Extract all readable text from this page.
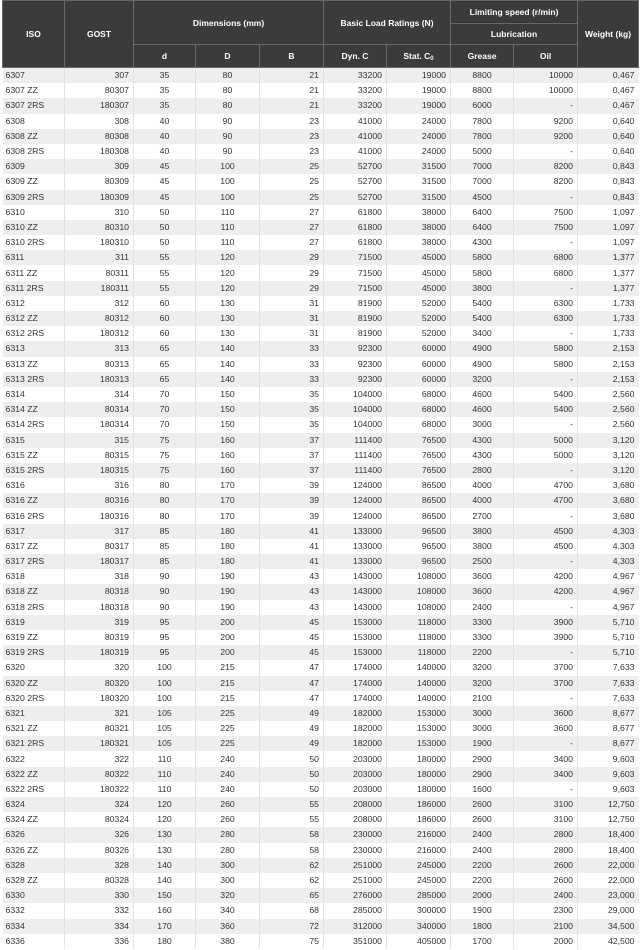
ISO	GOST	Dimensions (mm)			Basic Load Ratings (N)		Limiting speed (r/min)		Weight (kg)
							Lubrication		
		d	D	B	Dyn. C	Stat. $C_0$	Grease	Oil	
6307	307	35	80	21	33200	19000	8800	10000	0,467
6307 ZZ	80307	35	80	21	33200	19000	8800	10000	0,467
6307 2RS	180307	35	80	21	33200	19000	6000	-	0,467
6308	308	40	90	23	41000	24000	7800	9200	0,640
6308 ZZ	80308	40	90	23	41000	24000	7800	9200	0,640
6308 2RS	180308	40	90	23	41000	24000	5000	-	0,640
6309	309	45	100	25	52700	31500	7000	8200	0,843
6309 ZZ	80309	45	100	25	52700	31500	7000	8200	0,843
6309 2RS	180309	45	100	25	52700	31500	4500	-	0,843
6310	310	50	110	27	61800	38000	6400	7500	1,097
6310 ZZ	80310	50	110	27	61800	38000	6400	7500	1,097
6310 2RS	180310	50	110	27	61800	38000	4300	-	1,097
6311	311	55	120	29	71500	45000	5800	6800	1,377
6311 ZZ	80311	55	120	29	71500	45000	5800	6800	1,377
6311 2RS	180311	55	120	29	71500	45000	3800	-	1,377
6312	312	60	130	31	81900	52000	5400	6300	1,733
6312 ZZ	80312	60	130	31	81900	52000	5400	6300	1,733
6312 2RS	180312	60	130	31	81900	52000	3400	-	1,733
6313	313	65	140	33	92300	60000	4900	5800	2,153
6313 ZZ	80313	65	140	33	92300	60000	4900	5800	2,153
6313 2RS	180313	65	140	33	92300	60000	3200	-	2,153
6314	314	70	150	35	104000	68000	4600	5400	2,560
6314 ZZ	80314	70	150	35	104000	68000	4600	5400	2,560
6314 2RS	180314	70	150	35	104000	68000	3000	-	2,560
6315	315	75	160	37	111400	76500	4300	5000	3,120
6315 ZZ	80315	75	160	37	111400	76500	4300	5000	3,120
6315 2RS	180315	75	160	37	111400	76500	2800	-	3,120
6316	316	80	170	39	124000	86500	4000	4700	3,680
6316 ZZ	80316	80	170	39	124000	86500	4000	4700	3,680
6316 2RS	180316	80	170	39	124000	86500	2700	-	3,680
6317	317	85	180	41	133000	96500	3800	4500	4,303
6317 ZZ	80317	85	180	41	133000	96500	3800	4500	4,303
6317 2RS	180317	85	180	41	133000	96500	2500	-	4,303
6318	318	90	190	43	143000	108000	3600	4200	4,967
6318 ZZ	80318	90	190	43	143000	108000	3600	4200	4,967
6318 2RS	180318	90	190	43	143000	108000	2400	-	4,967
6319	319	95	200	45	153000	118000	3300	3900	5,710
6319 ZZ	80319	95	200	45	153000	118000	3300	3900	5,710
6319 2RS	180319	95	200	45	153000	118000	2200	-	5,710
6320	320	100	215	47	174000	140000	3200	3700	7,633
6320 ZZ	80320	100	215	47	174000	140000	3200	3700	7,633
6320 2RS	180320	100	215	47	174000	140000	2100	-	7,633
6321	321	105	225	49	182000	153000	3000	3600	8,677
6321 ZZ	80321	105	225	49	182000	153000	3000	3600	8,677
6321 2RS	180321	105	225	49	182000	153000	1900	-	8,677
6322	322	110	240	50	203000	180000	2900	3400	9,603
6322 ZZ	80322	110	240	50	203000	180000	2900	3400	9,603
6322 2RS	180322	110	240	50	203000	180000	1600	-	9,603
6324	324	120	260	55	208000	186000	2600	3100	12,750
6324 ZZ	80324	120	260	55	208000	186000	2600	3100	12,750
6326	326	130	280	58	230000	216000	2400	2800	18,400
6326 ZZ	80326	130	280	58	230000	216000	2400	2800	18,400
6328	328	140	300	62	251000	245000	2200	2600	22,000
6328 ZZ	80328	140	300	62	251000	245000	2200	2600	22,000
6330	330	150	320	65	276000	285000	2000	2400	23,000
6332	332	160	340	68	285000	300000	1900	2300	29,000
6334	334	170	360	72	312000	340000	1800	2100	34,500
6336	336	180	380	75	351000	405000	1700	2000	42,500
